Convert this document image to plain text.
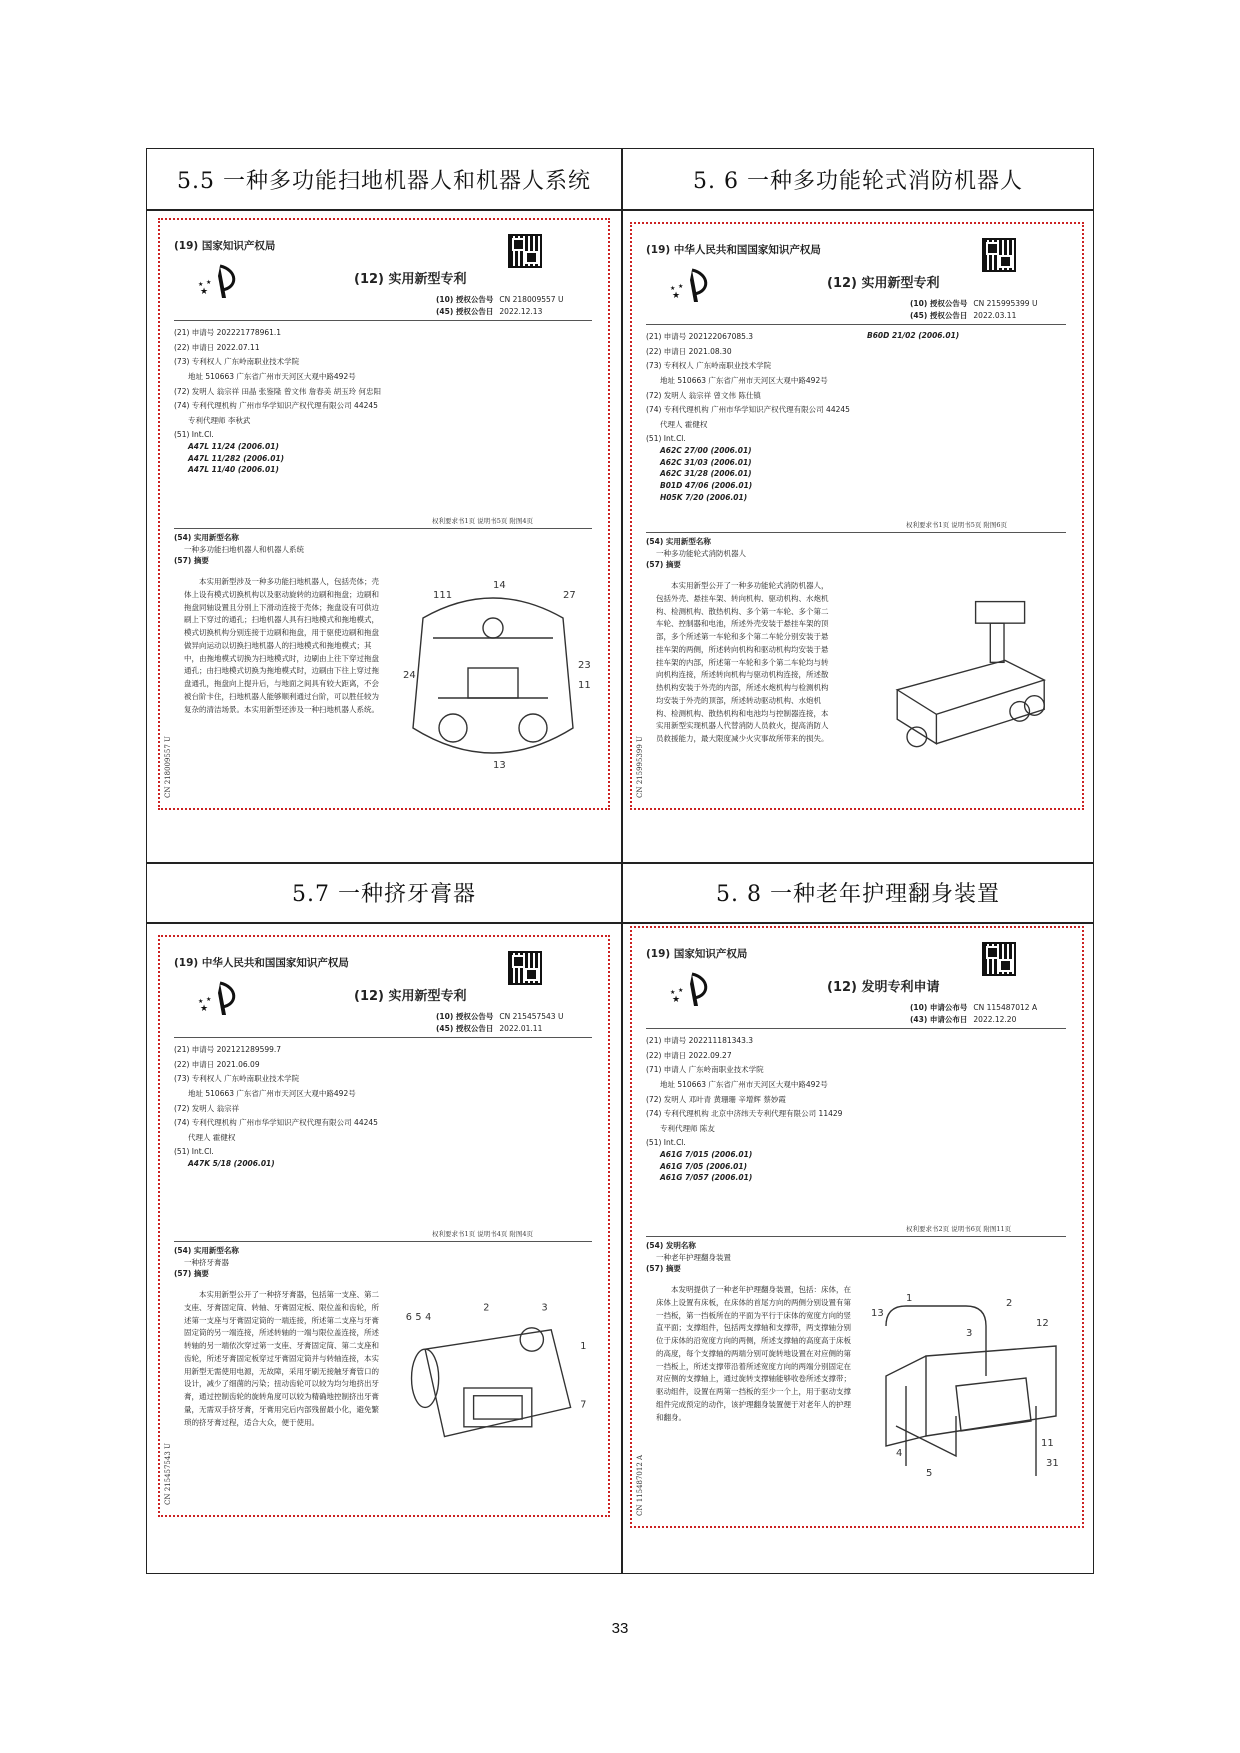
5.5 一种多功能扫地机器人和机器人系统	5. 6 一种多功能轮式消防机器人
5.7 一种挤牙膏器	5. 8 一种老年护理翻身装置
(19) 国家知识产权局
★
★
★	(12) 实用新型专利
(10) 授权公告号 CN 218009557 U
(45) 授权公告日 2022.12.13
(21) 申请号 202221778961.1
(22) 申请日 2022.07.11
(73) 专利权人 广东岭南职业技术学院
地址 510663 广东省广州市天河区大观中路492号
(72) 发明人 翁宗祥 田晶 张鉴隆 曾文伟 詹春美 胡玉玲 何忠阳
(74) 专利代理机构 广州市华学知识产权代理有限公司 44245
专利代理师 李秋武
(51) Int.Cl.
A47L 11/24 (2006.01)
A47L 11/282 (2006.01)
A47L 11/40 (2006.01)
权利要求书1页 说明书5页 附图4页
(54) 实用新型名称
一种多功能扫地机器人和机器人系统
(57) 摘要
本实用新型涉及一种多功能扫地机器人，包括壳体；壳体上设有模式切换机构以及驱动旋转的边刷和拖盘；边刷和拖盘同轴设置且分别上下滑动连接于壳体；拖盘设有可供边刷上下穿过的通孔；扫地机器人具有扫地模式和拖地模式，模式切换机构分别连接于边刷和拖盘，用于驱使边刷和拖盘做异向运动以切换扫地机器人的扫地模式和拖地模式；其中，由拖地模式切换为扫地模式时，边刷由上往下穿过拖盘通孔；由扫地模式切换为拖地模式时，边刷由下往上穿过拖盘通孔，拖盘向上提升后，与地面之间具有较大距离，不会被台阶卡住，扫地机器人能够顺利通过台阶，可以胜任较为复杂的清洁场景。本实用新型还涉及一种扫地机器人系统。
CN 218009557 U
111
14
27
24
23
11
13
(19) 中华人民共和国国家知识产权局
★
★
★	(12) 实用新型专利
(10) 授权公告号 CN 215995399 U
(45) 授权公告日 2022.03.11
(21) 申请号 202122067085.3
(22) 申请日 2021.08.30
(73) 专利权人 广东岭南职业技术学院
地址 510663 广东省广州市天河区大观中路492号
(72) 发明人 翁宗祥 曾文伟 陈仕镇
(74) 专利代理机构 广州市华学知识产权代理有限公司 44245
代理人 霍健权
(51) Int.Cl.
A62C 27/00 (2006.01)
A62C 31/03 (2006.01)
A62C 31/28 (2006.01)
B01D 47/06 (2006.01)
H05K 7/20 (2006.01)
B60D 21/02 (2006.01)
权利要求书1页 说明书5页 附图6页
(54) 实用新型名称
一种多功能轮式消防机器人
(57) 摘要
本实用新型公开了一种多功能轮式消防机器人，包括外壳、悬挂车架、转向机构、驱动机构、水炮机构、检测机构、散热机构、多个第一车轮、多个第二车轮、控制器和电池，所述外壳安装于悬挂车架的顶部，多个所述第一车轮和多个第二车轮分别安装于悬挂车架的两侧，所述转向机构和驱动机构均安装于悬挂车架的内部，所述第一车轮和多个第二车轮均与转向机构连接，所述转向机构与驱动机构连接，所述散热机构安装于外壳的内部，所述水炮机构与检测机构均安装于外壳的顶部，所述转动驱动机构、水炮机构、检测机构、散热机构和电池均与控制器连接，本实用新型实现机器人代替消防人员救火，提高消防人员救援能力，最大限度减少火灾事故所带来的损失。
CN 215995399 U
(19) 中华人民共和国国家知识产权局
★
★
★	(12) 实用新型专利
(10) 授权公告号 CN 215457543 U
(45) 授权公告日 2022.01.11
(21) 申请号 202121289599.7
(22) 申请日 2021.06.09
(73) 专利权人 广东岭南职业技术学院
地址 510663 广东省广州市天河区大观中路492号
(72) 发明人 翁宗祥
(74) 专利代理机构 广州市华学知识产权代理有限公司 44245
代理人 霍健权
(51) Int.Cl.
A47K 5/18 (2006.01)
权利要求书1页 说明书4页 附图4页
(54) 实用新型名称
一种挤牙膏器
(57) 摘要
本实用新型公开了一种挤牙膏器，包括第一支座、第二支座、牙膏固定筒、转轴、牙膏固定板、限位盖和齿轮，所述第一支座与牙膏固定筒的一端连接，所述第二支座与牙膏固定筒的另一端连接，所述转轴的一端与限位盖连接，所述转轴的另一端依次穿过第一支座、牙膏固定筒、第二支座和齿轮，所述牙膏固定板穿过牙膏固定筒并与转轴连接，本实用新型无需使用电源，无故障，采用牙刷无接触牙膏管口的设计，减少了细菌的污染；扭动齿轮可以较为均匀地挤出牙膏，通过控制齿轮的旋转角度可以较为精确地控制挤出牙膏量，无需双手挤牙膏，牙膏用完后内部残留最小化，避免繁琐的挤牙膏过程，适合大众，便于使用。
CN 215457543 U
6 5 4
2	3
1
7
(19) 国家知识产权局
★
★
★	(12) 发明专利申请
(10) 申请公布号 CN 115487012 A
(43) 申请公布日 2022.12.20
(21) 申请号 202211181343.3
(22) 申请日 2022.09.27
(71) 申请人 广东岭南职业技术学院
地址 510663 广东省广州市天河区大观中路492号
(72) 发明人 邓叶青 黄珊珊 辛增辉 蔡妙霞
(74) 专利代理机构 北京中济纬天专利代理有限公司 11429
专利代理师 陈友
(51) Int.Cl.
A61G 7/015 (2006.01)
A61G 7/05 (2006.01)
A61G 7/057 (2006.01)
权利要求书2页 说明书6页 附图11页
(54) 发明名称
一种老年护理翻身装置
(57) 摘要
本发明提供了一种老年护理翻身装置，包括：床体，在床体上设置有床板，在床体的首尾方向的两侧分别设置有第一挡板，第一挡板所在的平面为平行于床体的宽度方向的竖直平面；支撑组件，包括两支撑轴和支撑带，两支撑轴分别位于床体的沿宽度方向的两侧，所述支撑轴的高度高于床板的高度，每个支撑轴的两端分别可旋转地设置在对应侧的第一挡板上，所述支撑带沿着所述宽度方向的两端分别固定在对应侧的支撑轴上，通过旋转支撑轴能够收卷所述支撑带；驱动组件，设置在两第一挡板的至少一个上，用于驱动支撑组件完成预定的动作，该护理翻身装置便于对老年人的护理和翻身。
CN 115487012 A
13
1	2
12
3
11
4
5
31
33
